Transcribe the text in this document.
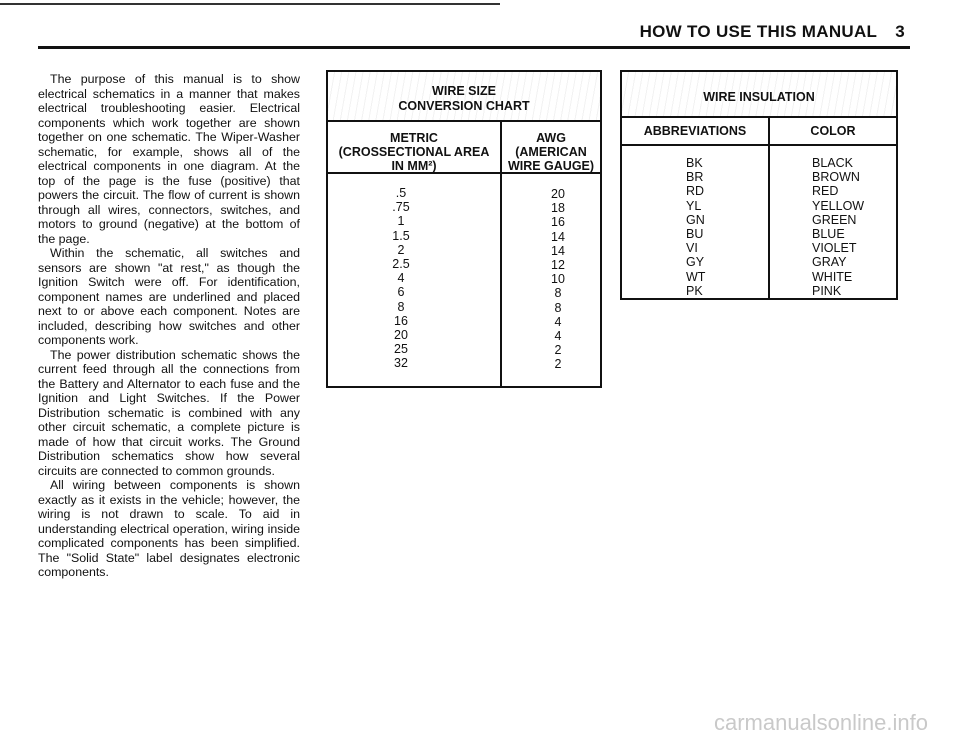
HOW TO USE THIS MANUAL 3

The purpose of this manual is to show electrical schematics in a manner that makes electrical troubleshooting easier. Electrical components which work together are shown together on one schematic. The Wiper-Washer schematic, for example, shows all of the electrical components in one diagram. At the top of the page is the fuse (positive) that powers the circuit. The flow of current is shown through all wires, connectors, switches, and motors to ground (negative) at the bottom of the page.

Within the schematic, all switches and sensors are shown "at rest," as though the Ignition Switch were off. For identification, component names are underlined and placed next to or above each component. Notes are included, describing how switches and other components work.

The power distribution schematic shows the current feed through all the connections from the Battery and Alternator to each fuse and the Ignition and Light Switches. If the Power Distribution schematic is combined with any other circuit schematic, a complete picture is made of how that circuit works. The Ground Distribution schematics show how several circuits are connected to common grounds.

All wiring between components is shown exactly as it exists in the vehicle; however, the wiring is not drawn to scale. To aid in understanding electrical operation, wiring inside complicated components has been simplified. The "Solid State" label designates electronic components.

WIRE SIZE
CONVERSION CHART
METRIC
(CROSSECTIONAL AREA
IN MM²)
.5
.75
1
1.5
2
2.5
4
6
8
16
20
25
32
AWG
(AMERICAN
WIRE GAUGE)
20
18
16
14
14
12
10
8
8
4
4
2
2
WIRE INSULATION
ABBREVIATIONS
BK
BR
RD
YL
GN
BU
VI
GY
WT
PK
COLOR
BLACK
BROWN
RED
YELLOW
GREEN
BLUE
VIOLET
GRAY
WHITE
PINK
carmanualsonline.info
